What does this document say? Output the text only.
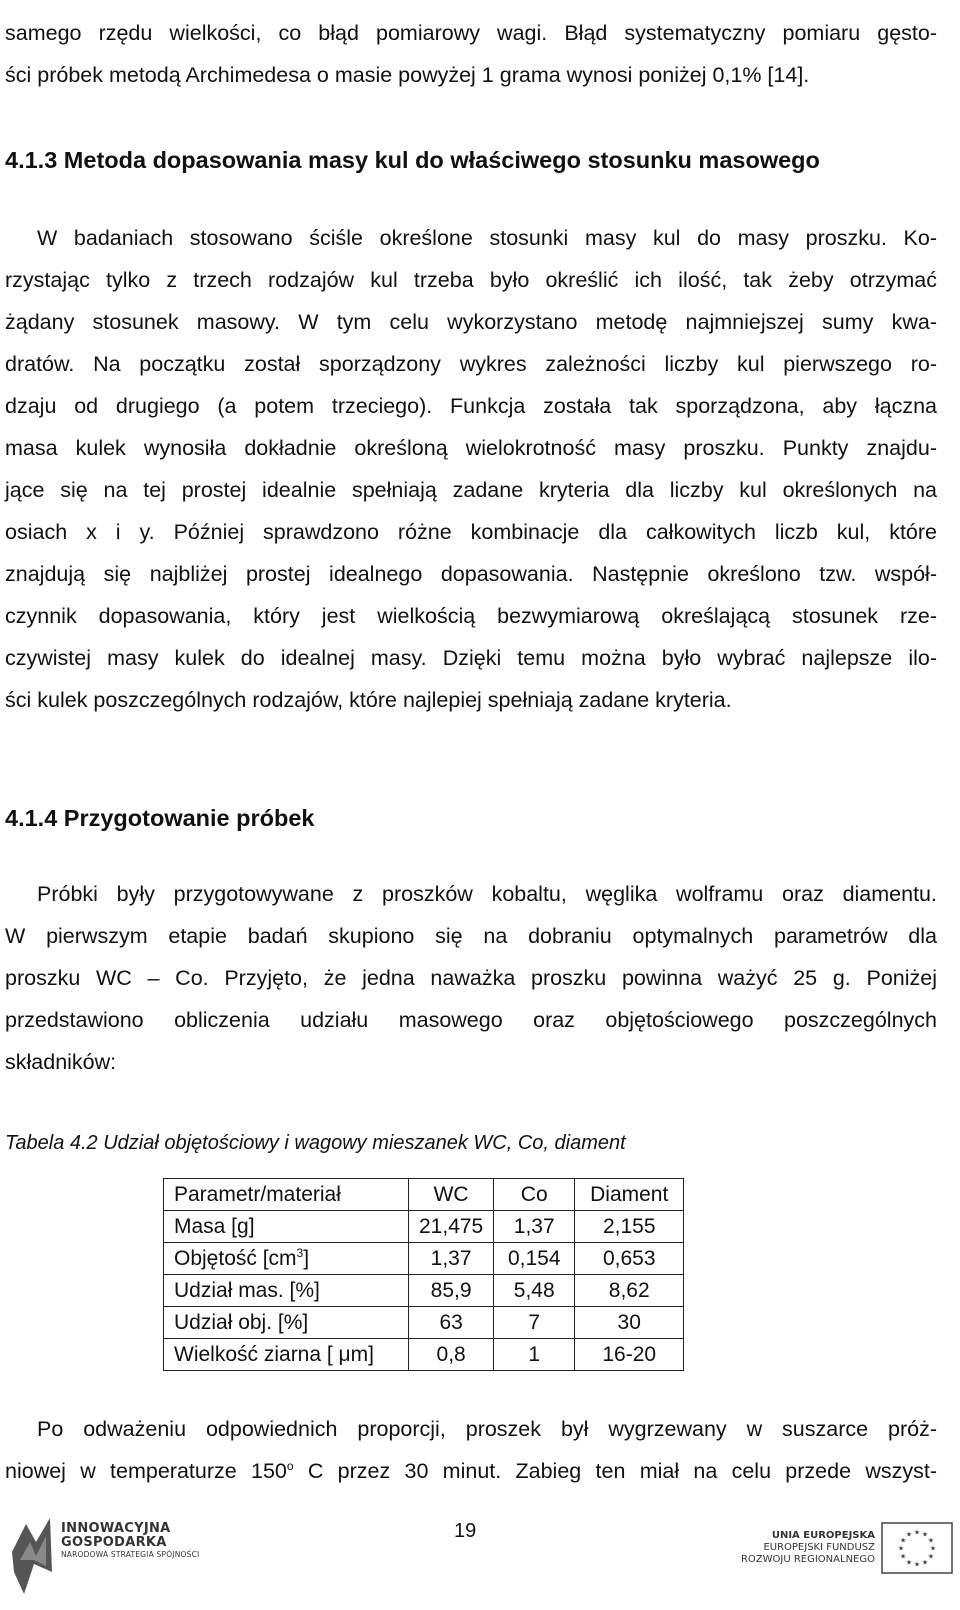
samego rzędu wielkości, co błąd pomiarowy wagi. Błąd systematyczny pomiaru gęsto-
ści próbek metodą Archimedesa o masie powyżej 1 grama wynosi poniżej 0,1% [14].
4.1.3 Metoda dopasowania masy kul do właściwego stosunku masowego
W badaniach stosowano ściśle określone stosunki masy kul do masy proszku. Ko-
rzystając tylko z trzech rodzajów kul trzeba było określić ich ilość, tak żeby otrzymać
żądany stosunek masowy. W tym celu wykorzystano metodę najmniejszej sumy kwa-
dratów. Na początku został sporządzony wykres zależności liczby kul pierwszego ro-
dzaju od drugiego (a potem trzeciego). Funkcja została tak sporządzona, aby łączna
masa kulek wynosiła dokładnie określoną wielokrotność masy proszku. Punkty znajdu-
jące się na tej prostej idealnie spełniają zadane kryteria dla liczby kul określonych na
osiach x i y. Później sprawdzono różne kombinacje dla całkowitych liczb kul, które
znajdują się najbliżej prostej idealnego dopasowania. Następnie określono tzw. współ-
czynnik dopasowania, który jest wielkością bezwymiarową określającą stosunek rze-
czywistej masy kulek do idealnej masy. Dzięki temu można było wybrać najlepsze ilo-
ści kulek poszczególnych rodzajów, które najlepiej spełniają zadane kryteria.
4.1.4 Przygotowanie próbek
Próbki były przygotowywane z proszków kobaltu, węglika wolframu oraz diamentu.
W pierwszym etapie badań skupiono się na dobraniu optymalnych parametrów dla
proszku WC – Co. Przyjęto, że jedna naważka proszku powinna ważyć 25 g. Poniżej
przedstawiono obliczenia udziału masowego oraz objętościowego poszczególnych
składników:

Tabela 4.2 Udział objętościowy i wagowy mieszanek WC, Co, diament

Parametr/materiał	WC	Co	Diament
Masa [g]	21,475	1,37	2,155
Objętość $[cm^3]$	1,37	0,154	0,653
Udział mas. [%]	85,9	5,48	8,62
Udział obj. [%]	63	7	30
Wielkość ziarna [ μm]	0,8	1	16-20
Po odważeniu odpowiednich proporcji, proszek był wygrzewany w suszarce próż-
niowej w temperaturze 150$^o$ C przez 30 minut. Zabieg ten miał na celu przede wszyst-
INNOWACYJNA
GOSPODARKA
NARODOWA STRATEGIA SPÓJNOŚCI
19	UNIA EUROPEJSKA
EUROPEJSKI FUNDUSZ
ROZWOJU REGIONALNEGO
★
★
★
★
★
★
★
★
★ ★ ★
★
